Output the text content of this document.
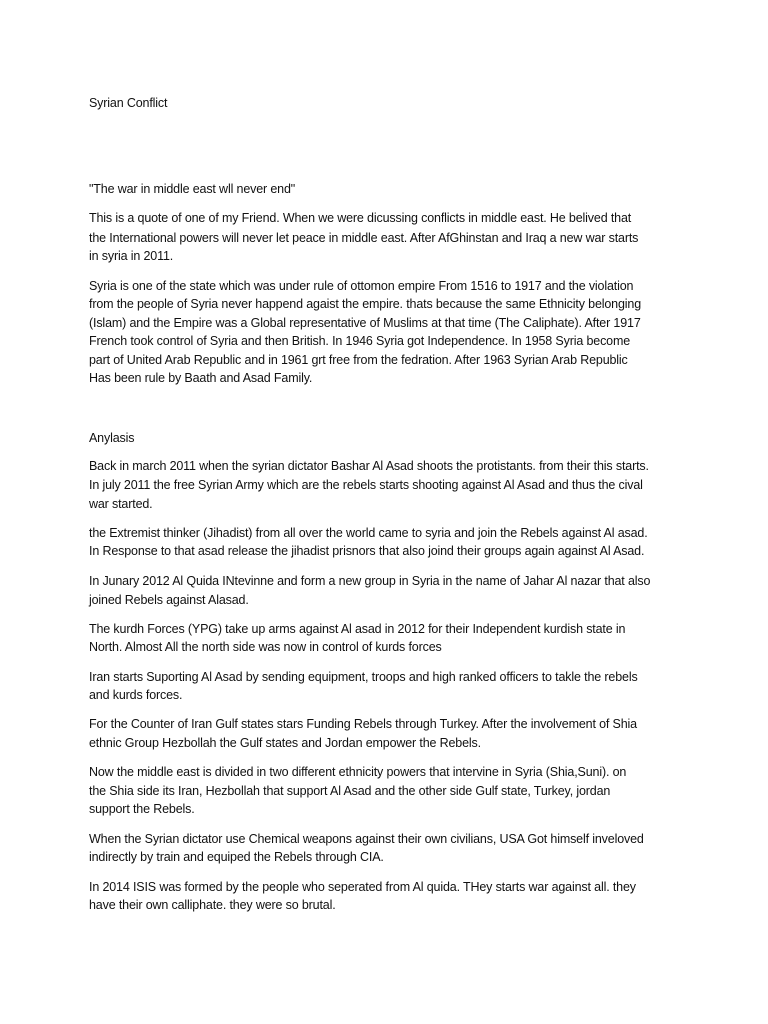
Syrian Conflict
"The war in middle east wll never end"
This is a quote of one of my Friend. When we were dicussing conflicts in middle east. He belived that
the International powers will never let peace in middle east. After AfGhinstan and Iraq a new war starts
in syria in 2011.
Syria is one of the state which was under rule of ottomon empire From 1516 to 1917 and the violation
from the people of Syria never happend agaist the empire. thats because the same Ethnicity belonging
(Islam) and the Empire was a Global representative of Muslims at that time (The Caliphate). After 1917
French took control of Syria and then British. In 1946 Syria got Independence. In 1958 Syria become
part of United Arab Republic and in 1961 grt free from the fedration. After 1963 Syrian Arab Republic
Has been rule by Baath and Asad Family.
Anylasis
Back in march 2011 when the syrian dictator Bashar Al Asad shoots the protistants. from their this starts.
In july 2011 the free Syrian Army which are the rebels starts shooting against Al Asad and thus the cival
war started.
the Extremist thinker (Jihadist) from all over the world came to syria and join the Rebels against Al asad.
In Response to that asad release the jihadist prisnors that also joind their groups again against Al Asad.
In Junary 2012 Al Quida INtevinne and form a new group in Syria in the name of Jahar Al nazar that also
joined Rebels against Alasad.
The kurdh Forces (YPG) take up arms against Al asad in 2012 for their Independent kurdish state in
North. Almost All the north side was now in control of kurds forces
Iran starts Suporting Al Asad by sending equipment, troops and high ranked officers to takle the rebels
and kurds forces.
For the Counter of Iran Gulf states stars Funding Rebels through Turkey. After the involvement of Shia
ethnic Group Hezbollah the Gulf states and Jordan empower the Rebels.
Now the middle east is divided in two different ethnicity powers that intervine in Syria (Shia,Suni). on
the Shia side its Iran, Hezbollah that support Al Asad and the other side Gulf state, Turkey, jordan
support the Rebels.
When the Syrian dictator use Chemical weapons against their own civilians, USA Got himself inveloved
indirectly by train and equiped the Rebels through CIA.
In 2014 ISIS was formed by the people who seperated from Al quida. THey starts war against all. they
have their own calliphate. they were so brutal.
